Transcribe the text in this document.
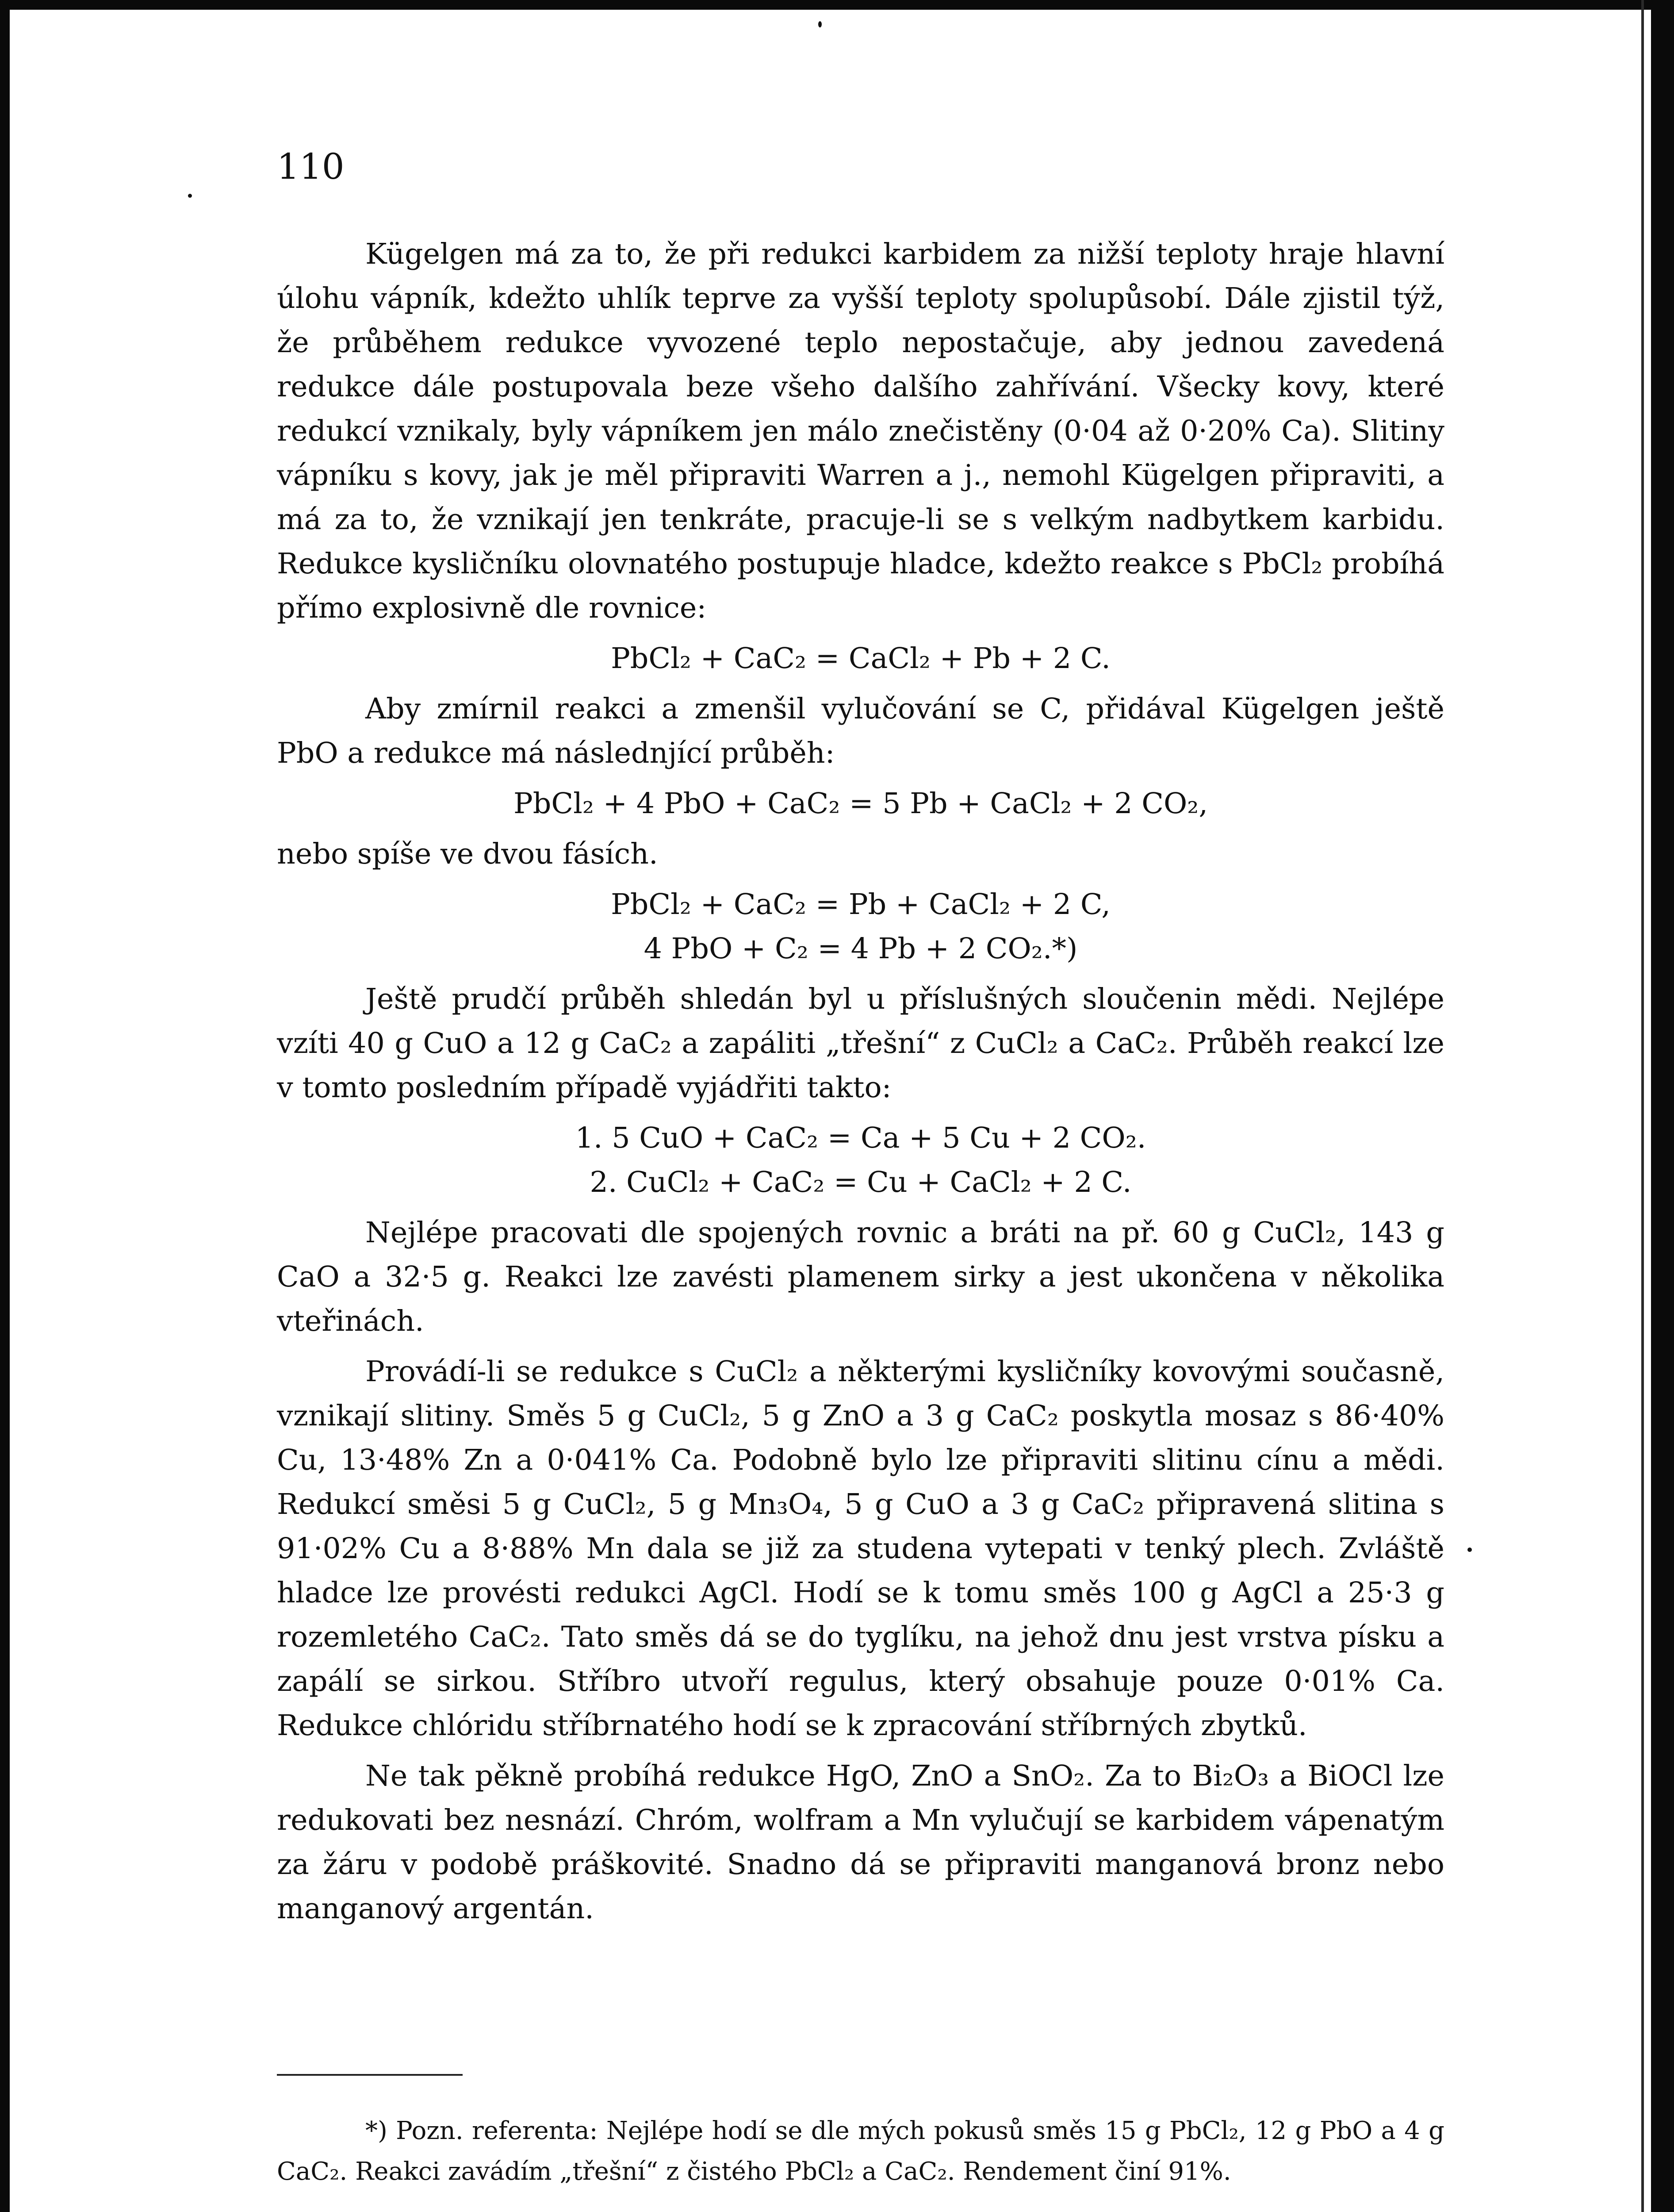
110

Kügelgen má za to, že při redukci karbidem za nižší teploty hraje hlavní úlohu vápník, kdežto uhlík teprve za vyšší teploty spolupůsobí. Dále zjistil týž, že průběhem redukce vyvozené teplo nepostačuje, aby jednou zavedená redukce dále postupovala beze všeho dalšího zahřívání. Všecky kovy, které redukcí vznikaly, byly vápníkem jen málo znečistěny (0·04 až 0·20% Ca). Slitiny vápníku s kovy, jak je měl připraviti Warren a j., nemohl Kügelgen připraviti, a má za to, že vznikají jen tenkráte, pracuje-li se s velkým nadbytkem karbidu. Redukce kysličníku olovnatého postupuje hladce, kdežto reakce s PbCl₂ probíhá přímo explosivně dle rovnice:

PbCl₂ + CaC₂ = CaCl₂ + Pb + 2 C.

Aby zmírnil reakci a zmenšil vylučování se C, přidával Kügelgen ještě PbO a redukce má následnjící průběh:

PbCl₂ + 4 PbO + CaC₂ = 5 Pb + CaCl₂ + 2 CO₂,

nebo spíše ve dvou fásích.

PbCl₂ + CaC₂ = Pb + CaCl₂ + 2 C,

4 PbO + C₂ = 4 Pb + 2 CO₂.*)

Ještě prudčí průběh shledán byl u příslušných sloučenin mědi. Nejlépe vzíti 40 g CuO a 12 g CaC₂ a zapáliti „třešní“ z CuCl₂ a CaC₂. Průběh reakcí lze v tomto posledním případě vyjádřiti takto:

1. 5 CuO + CaC₂ = Ca + 5 Cu + 2 CO₂.

2. CuCl₂ + CaC₂ = Cu + CaCl₂ + 2 C.

Nejlépe pracovati dle spojených rovnic a bráti na př. 60 g CuCl₂, 143 g CaO a 32·5 g. Reakci lze zavésti plamenem sirky a jest ukončena v několika vteřinách.

Provádí-li se redukce s CuCl₂ a některými kysličníky kovovými současně, vznikají slitiny. Směs 5 g CuCl₂, 5 g ZnO a 3 g CaC₂ poskytla mosaz s 86·40% Cu, 13·48% Zn a 0·041% Ca. Podobně bylo lze připraviti slitinu cínu a mědi. Redukcí směsi 5 g CuCl₂, 5 g Mn₃O₄, 5 g CuO a 3 g CaC₂ připravená slitina s 91·02% Cu a 8·88% Mn dala se již za studena vytepati v tenký plech. Zvláště hladce lze provésti redukci AgCl. Hodí se k tomu směs 100 g AgCl a 25·3 g rozemletého CaC₂. Tato směs dá se do tyglíku, na jehož dnu jest vrstva písku a zapálí se sirkou. Stříbro utvoří regulus, který obsahuje pouze 0·01% Ca. Redukce chlóridu stříbrnatého hodí se k zpracování stříbrných zbytků.

Ne tak pěkně probíhá redukce HgO, ZnO a SnO₂. Za to Bi₂O₃ a BiOCl lze redukovati bez nesnází. Chróm, wolfram a Mn vylučují se karbidem vápenatým za žáru v podobě práškovité. Snadno dá se připraviti manganová bronz nebo manganový argentán.

*) Pozn. referenta: Nejlépe hodí se dle mých pokusů směs 15 g PbCl₂, 12 g PbO a 4 g CaC₂. Reakci zavádím „třešní“ z čistého PbCl₂ a CaC₂. Rendement činí 91%.
